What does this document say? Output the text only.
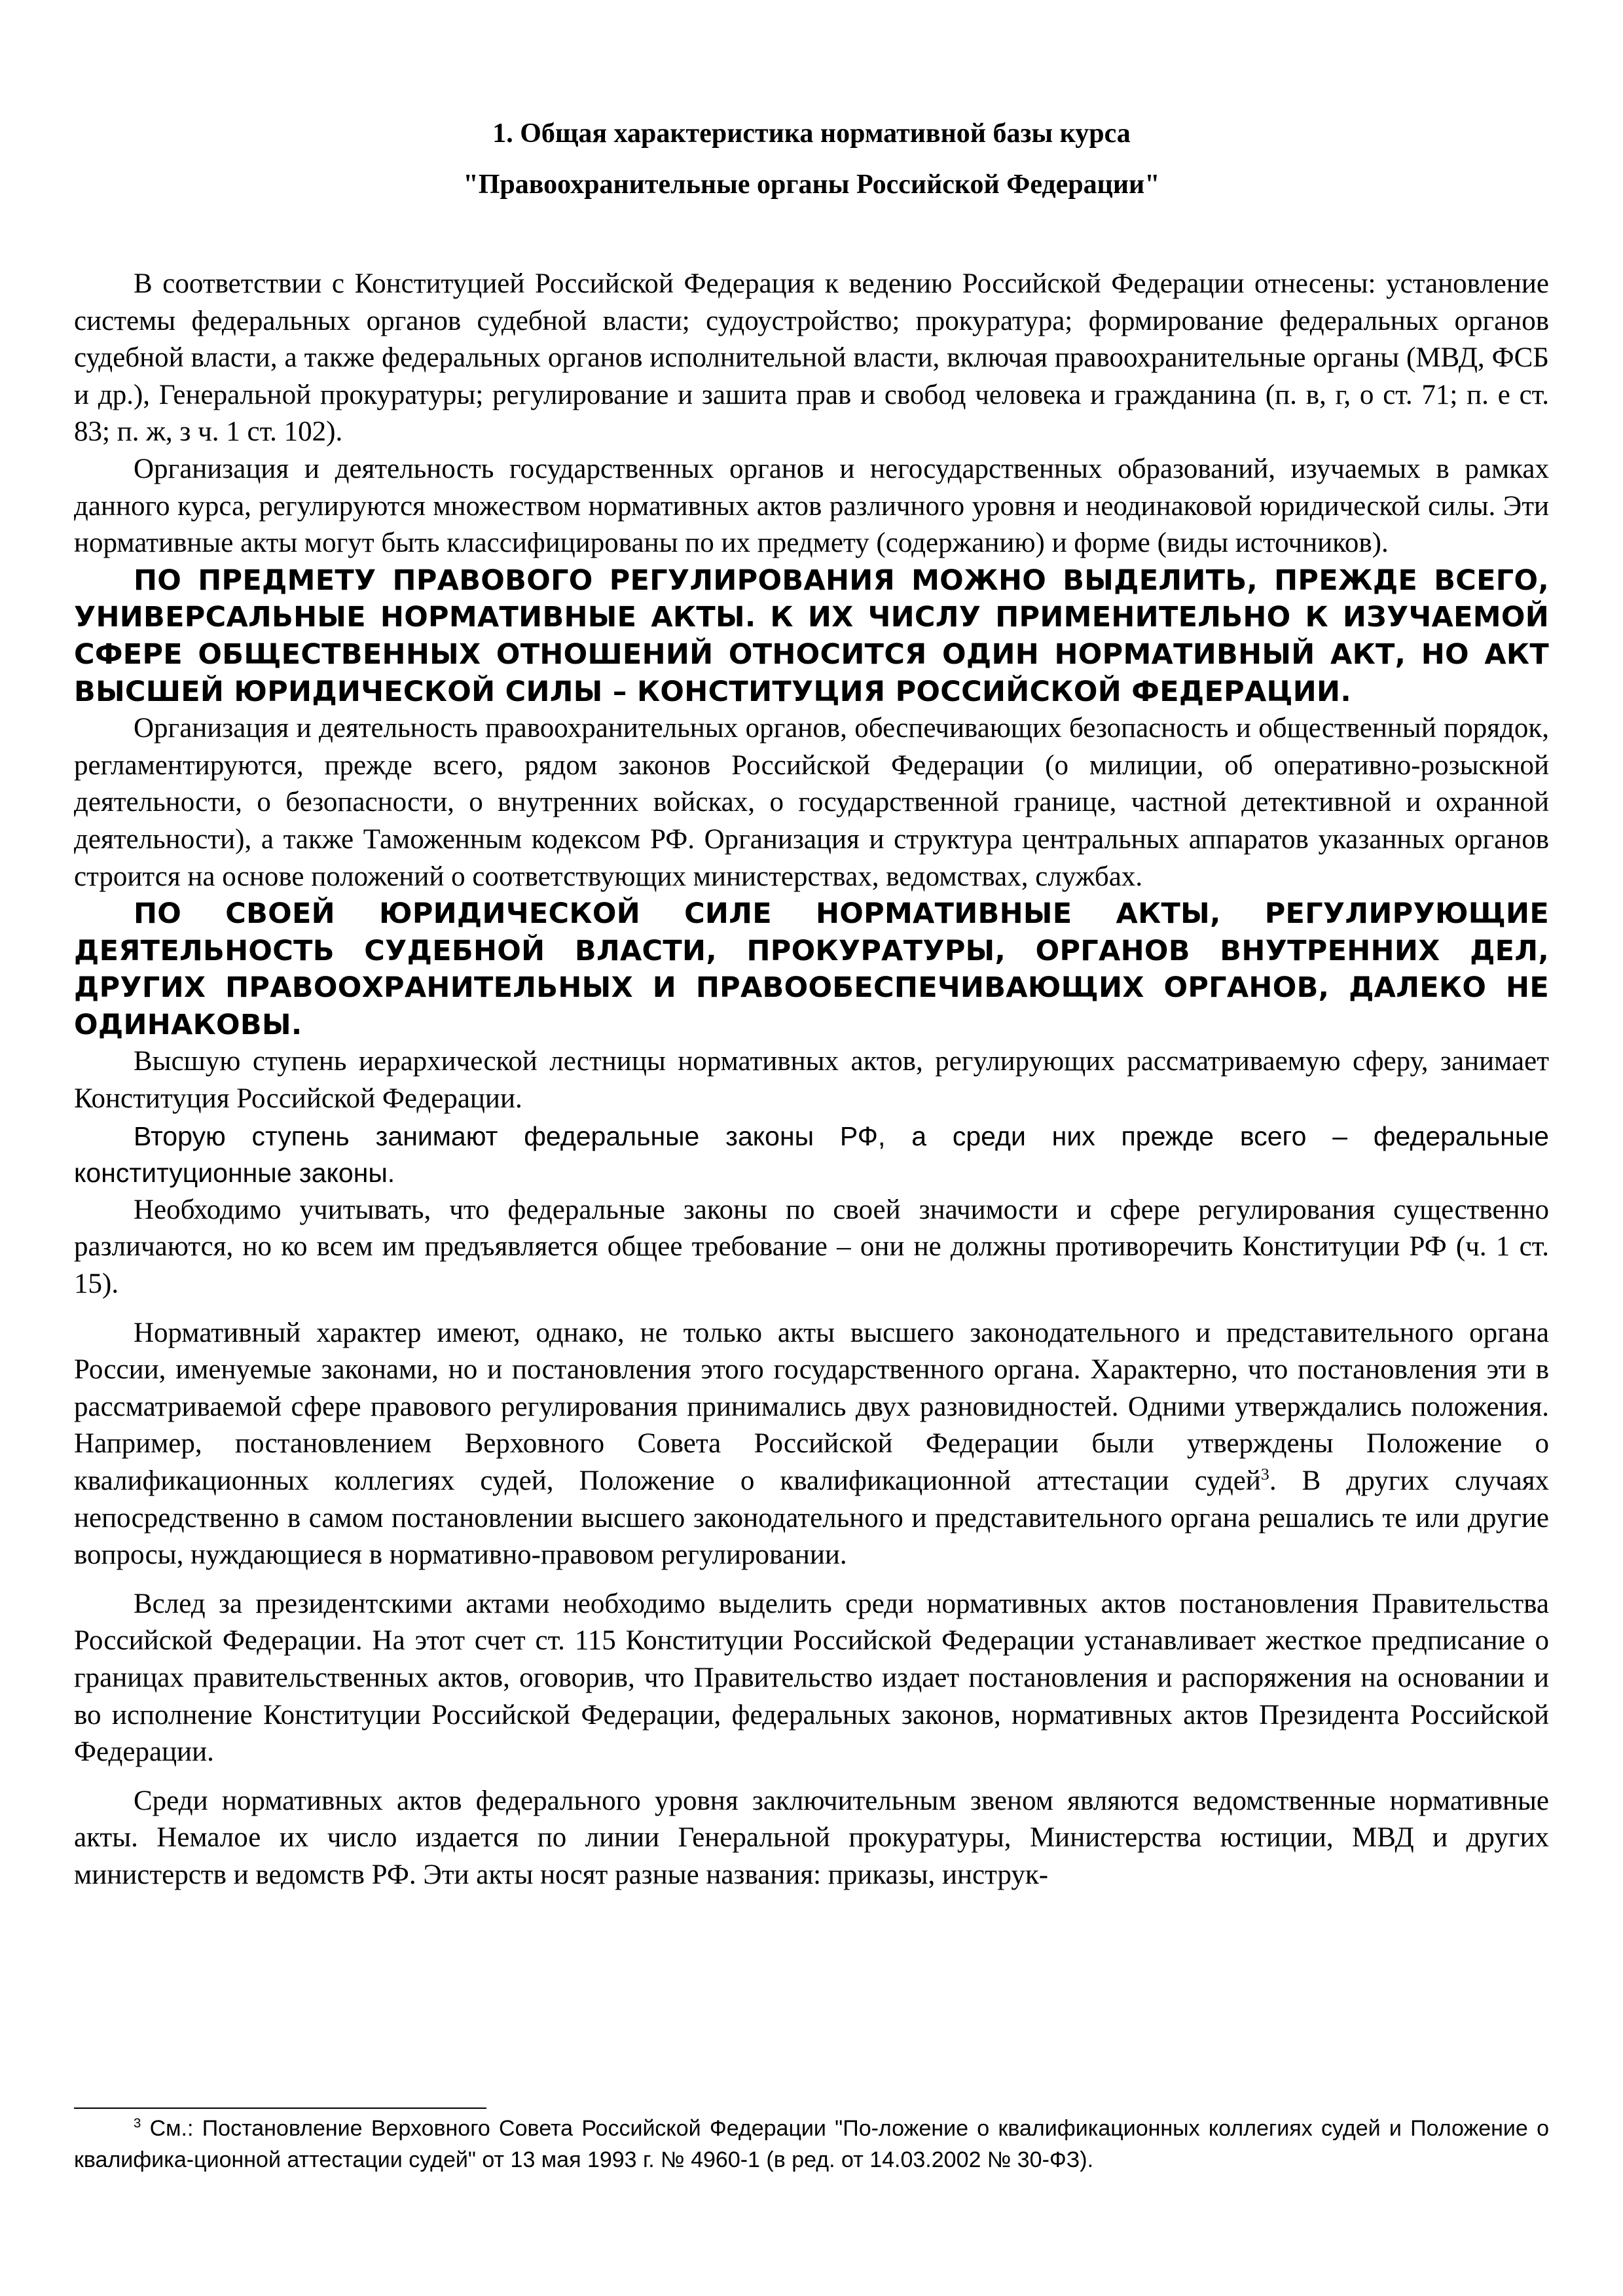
1. Общая характеристика нормативной базы курса
"Правоохранительные органы Российской Федерации"

В соответствии с Конституцией Российской Федерация к ведению Российской Федерации отнесены: установление системы федеральных органов судебной власти; судоустройство; прокуратура; формирование федеральных органов судебной власти, а также федеральных органов исполнительной власти, включая правоохранительные органы (МВД, ФСБ и др.), Генеральной прокуратуры; регулирование и зашита прав и свобод человека и гражданина (п. в, г, о ст. 71; п. е ст. 83; п. ж, з ч. 1 ст. 102).

Организация и деятельность государственных органов и негосударственных образований, изучаемых в рамках данного курса, регулируются множеством нормативных актов различного уровня и неодинаковой юридической силы. Эти нормативные акты могут быть классифицированы по их предмету (содержанию) и форме (виды источников).

ПО ПРЕДМЕТУ ПРАВОВОГО РЕГУЛИРОВАНИЯ МОЖНО ВЫДЕЛИТЬ, ПРЕЖДЕ ВСЕГО, УНИВЕРСАЛЬНЫЕ НОРМАТИВНЫЕ АКТЫ. К ИХ ЧИСЛУ ПРИМЕНИТЕЛЬНО К ИЗУЧАЕМОЙ СФЕРЕ ОБЩЕСТВЕННЫХ ОТНОШЕНИЙ ОТНОСИТСЯ ОДИН НОРМАТИВНЫЙ АКТ, НО АКТ ВЫСШЕЙ ЮРИДИЧЕСКОЙ СИЛЫ – КОНСТИТУЦИЯ РОССИЙСКОЙ ФЕДЕРАЦИИ.

Организация и деятельность правоохранительных органов, обеспечивающих безопасность и общественный порядок, регламентируются, прежде всего, рядом законов Российской Федерации (о милиции, об оперативно-розыскной деятельности, о безопасности, о внутренних войсках, о государственной границе, частной детективной и охранной деятельности), а также Таможенным кодексом РФ. Организация и структура центральных аппаратов указанных органов строится на основе положений о соответствующих министерствах, ведомствах, службах.

ПО СВОЕЙ ЮРИДИЧЕСКОЙ СИЛЕ НОРМАТИВНЫЕ АКТЫ, РЕГУЛИРУЮЩИЕ ДЕЯТЕЛЬНОСТЬ СУДЕБНОЙ ВЛАСТИ, ПРОКУРАТУРЫ, ОРГАНОВ ВНУТРЕННИХ ДЕЛ, ДРУГИХ ПРАВООХРАНИТЕЛЬНЫХ И ПРАВООБЕСПЕЧИВАЮЩИХ ОРГАНОВ, ДАЛЕКО НЕ ОДИНАКОВЫ.

Высшую ступень иерархической лестницы нормативных актов, регулирующих рассматриваемую сферу, занимает Конституция Российской Федерации.

Вторую ступень занимают федеральные законы РФ, а среди них прежде всего – федеральные конституционные законы.

Необходимо учитывать, что федеральные законы по своей значимости и сфере регулирования существенно различаются, но ко всем им предъявляется общее требование – они не должны противоречить Конституции РФ (ч. 1 ст. 15).

Нормативный характер имеют, однако, не только акты высшего законодательного и представительного органа России, именуемые законами, но и постановления этого государственного органа. Характерно, что постановления эти в рассматриваемой сфере правового регулирования принимались двух разновидностей. Одними утверждались положения. Например, постановлением Верховного Совета Российской Федерации были утверждены Положение о квалификационных коллегиях судей, Положение о квалификационной аттестации судей$^3$. В других случаях непосредственно в самом постановлении высшего законодательного и представительного органа решались те или другие вопросы, нуждающиеся в нормативно-правовом регулировании.

Вслед за президентскими актами необходимо выделить среди нормативных актов постановления Правительства Российской Федерации. На этот счет ст. 115 Конституции Российской Федерации устанавливает жесткое предписание о границах правительственных актов, оговорив, что Правительство издает постановления и распоряжения на основании и во исполнение Конституции Российской Федерации, федеральных законов, нормативных актов Президента Российской Федерации.

Среди нормативных актов федерального уровня заключительным звеном являются ведомственные нормативные акты. Немалое их число издается по линии Генеральной прокуратуры, Министерства юстиции, МВД и других министерств и ведомств РФ. Эти акты носят разные названия: приказы, инструк-

$^3$ См.: Постановление Верховного Совета Российской Федерации "По-ложение о квалификационных коллегиях судей и Положение о квалифика-ционной аттестации судей" от 13 мая 1993 г. № 4960-1 (в ред. от 14.03.2002 № 30-ФЗ).
